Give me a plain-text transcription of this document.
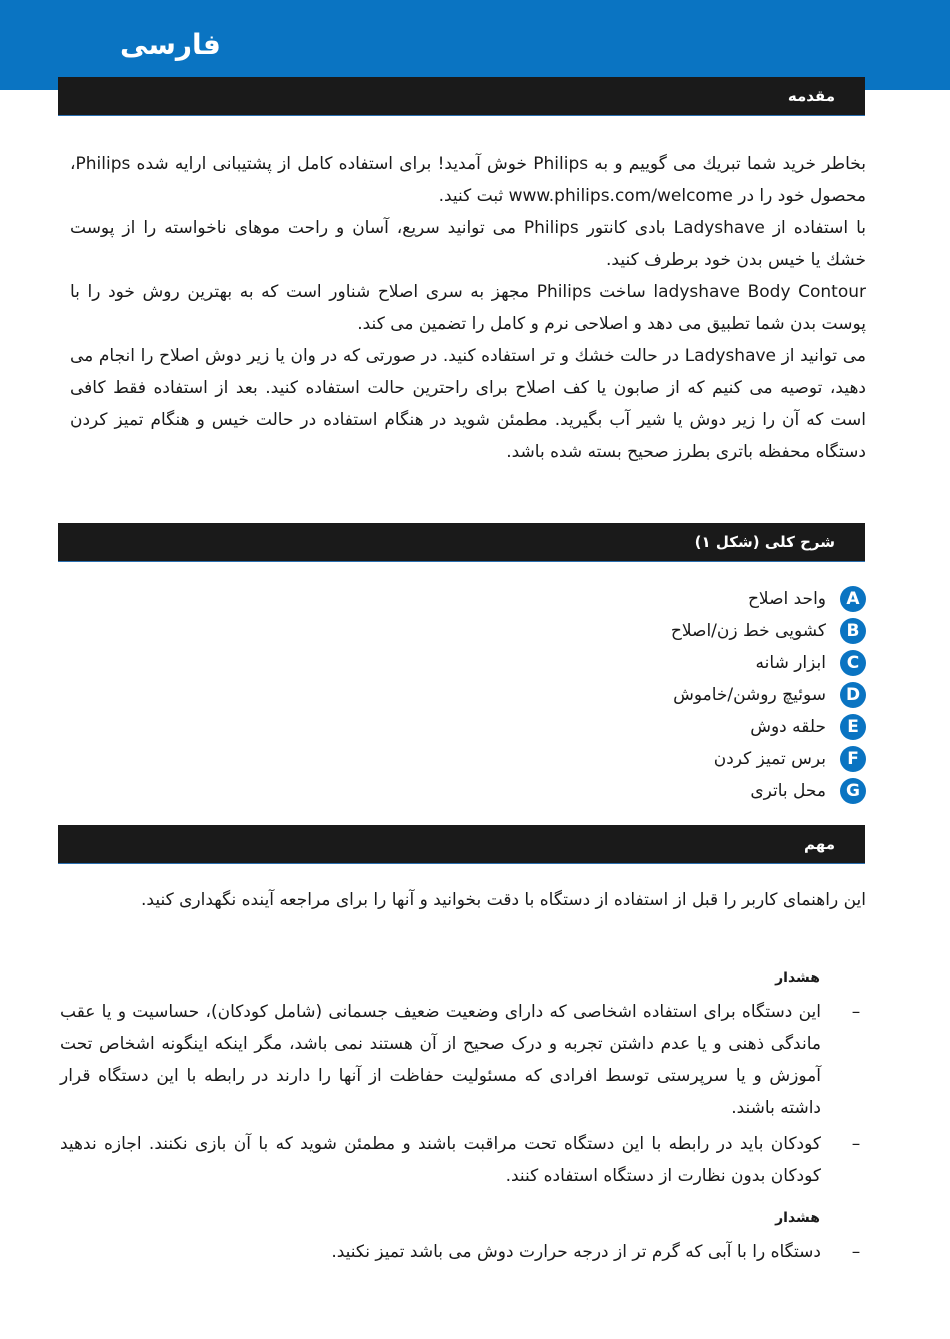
فارسی
مقدمه

بخاطر خرید شما تبریك می گوییم و به Philips خوش آمدید! برای استفاده كامل از پشتیبانی ارایه شده Philips، محصول خود را در www.philips.com/welcome ثبت کنید.

با استفاده از Ladyshave بادی كانتور Philips می توانید سریع، آسان و راحت موهای ناخواسته را از پوست خشك یا خیس بدن خود برطرف كنید.

ladyshave Body Contour ساخت Philips مجهز به سری اصلاح شناور است كه به بهترین روش خود را با پوست بدن شما تطبیق می دهد و اصلاحی نرم و كامل را تضمین می كند.

می توانید از Ladyshave در حالت خشك و تر استفاده كنید. در صورتی كه در وان یا زیر دوش اصلاح را انجام می دهید، توصیه می كنیم كه از صابون یا كف اصلاح برای راحترین حالت استفاده كنید. بعد از استفاده فقط كافی است كه آن را زیر دوش یا شیر آب بگیرید. مطمئن شوید در هنگام استفاده در حالت خیس و هنگام تمیز كردن دستگاه محفظه باتری بطرز صحیح بسته شده باشد.

شرح کلی (شکل ۱)
A
واحد اصلاح
B
کشویی خط زن/اصلاح
C
ابزار شانه
D
سوئیچ روشن/خاموش
E
حلقه دوش
F
برس تمیز کردن
G
محل باتری
مهم

این راهنمای کاربر را قبل از استفاده از دستگاه با دقت بخوانید و آنها را برای مراجعه آینده نگهداری کنید.

هشدار
–
این دستگاه برای استفاده اشخاصی که دارای وضعیت ضعیف جسمانی (شامل کودکان)، حساسیت و یا عقب ماندگی ذهنی و یا عدم داشتن تجربه و درک صحیح از آن هستند نمی باشد، مگر اینکه اینگونه اشخاص تحت آموزش و یا سرپرستی توسط افرادی که مسئولیت حفاظت از آنها را دارند در رابطه با این دستگاه قرار داشته باشند.
–
کودکان باید در رابطه با این دستگاه تحت مراقبت باشند و مطمئن شوید که با آن بازی نکنند. اجازه ندهید کودکان بدون نظارت از دستگاه استفاده کنند.
هشدار
–
دستگاه را با آبی که گرم تر از درجه حرارت دوش می باشد تمیز نکنید.
